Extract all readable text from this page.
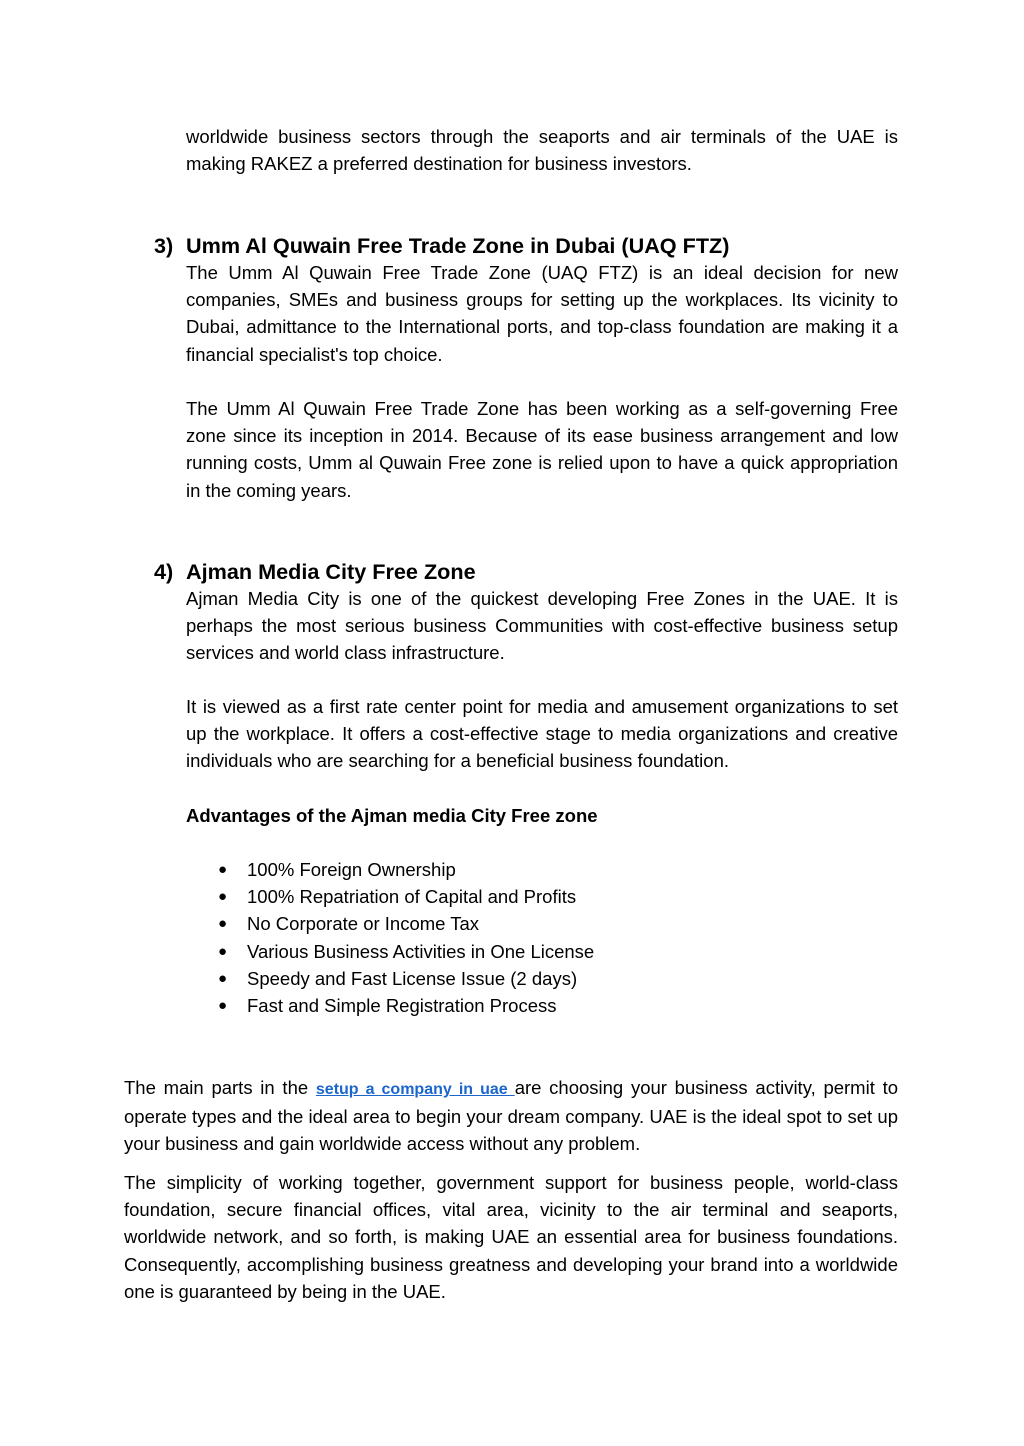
worldwide business sectors through the seaports and air terminals of the UAE is making RAKEZ a preferred destination for business investors.

3) Umm Al Quwain Free Trade Zone in Dubai (UAQ FTZ)

The Umm Al Quwain Free Trade Zone (UAQ FTZ) is an ideal decision for new companies, SMEs and business groups for setting up the workplaces. Its vicinity to Dubai, admittance to the International ports, and top-class foundation are making it a financial specialist's top choice.

The Umm Al Quwain Free Trade Zone has been working as a self-governing Free zone since its inception in 2014. Because of its ease business arrangement and low running costs, Umm al Quwain Free zone is relied upon to have a quick appropriation in the coming years.

4) Ajman Media City Free Zone

Ajman Media City is one of the quickest developing Free Zones in the UAE. It is perhaps the most serious business Communities with cost-effective business setup services and world class infrastructure.

It is viewed as a first rate center point for media and amusement organizations to set up the workplace. It offers a cost-effective stage to media organizations and creative individuals who are searching for a beneficial business foundation.

Advantages of the Ajman media City Free zone

● 100% Foreign Ownership
● 100% Repatriation of Capital and Profits
● No Corporate or Income Tax
● Various Business Activities in One License
● Speedy and Fast License Issue (2 days)
● Fast and Simple Registration Process

The main parts in the setup a company in uae are choosing your business activity, permit to operate types and the ideal area to begin your dream company. UAE is the ideal spot to set up your business and gain worldwide access without any problem.

The simplicity of working together, government support for business people, world-class foundation, secure financial offices, vital area, vicinity to the air terminal and seaports, worldwide network, and so forth, is making UAE an essential area for business foundations. Consequently, accomplishing business greatness and developing your brand into a worldwide one is guaranteed by being in the UAE.
